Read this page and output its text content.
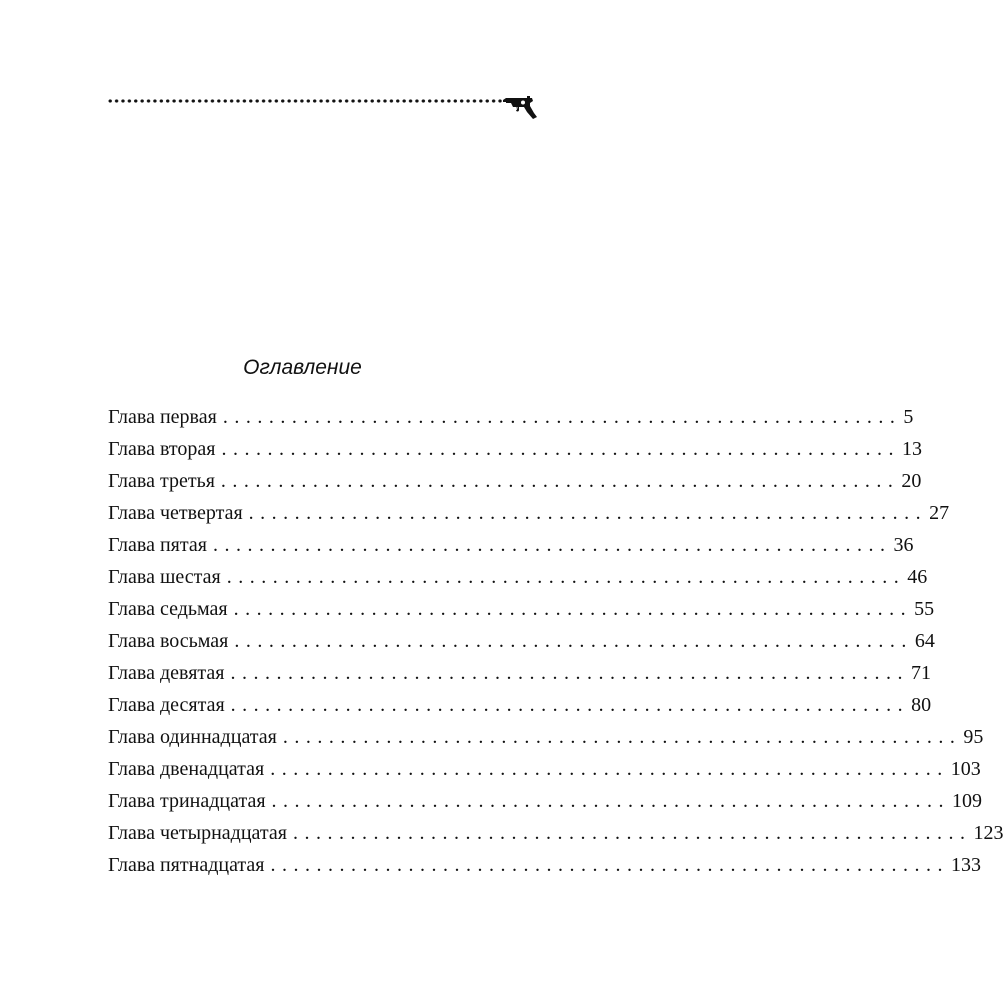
Оглавление
Глава первая ........................................................... 5
Глава вторая ........................................................... 13
Глава третья ........................................................... 20
Глава четвертая ........................................................... 27
Глава пятая ........................................................... 36
Глава шестая ........................................................... 46
Глава седьмая ........................................................... 55
Глава восьмая ........................................................... 64
Глава девятая ........................................................... 71
Глава десятая ........................................................... 80
Глава одиннадцатая ........................................................... 95
Глава двенадцатая ........................................................... 103
Глава тринадцатая ........................................................... 109
Глава четырнадцатая ........................................................... 123
Глава пятнадцатая ........................................................... 133
